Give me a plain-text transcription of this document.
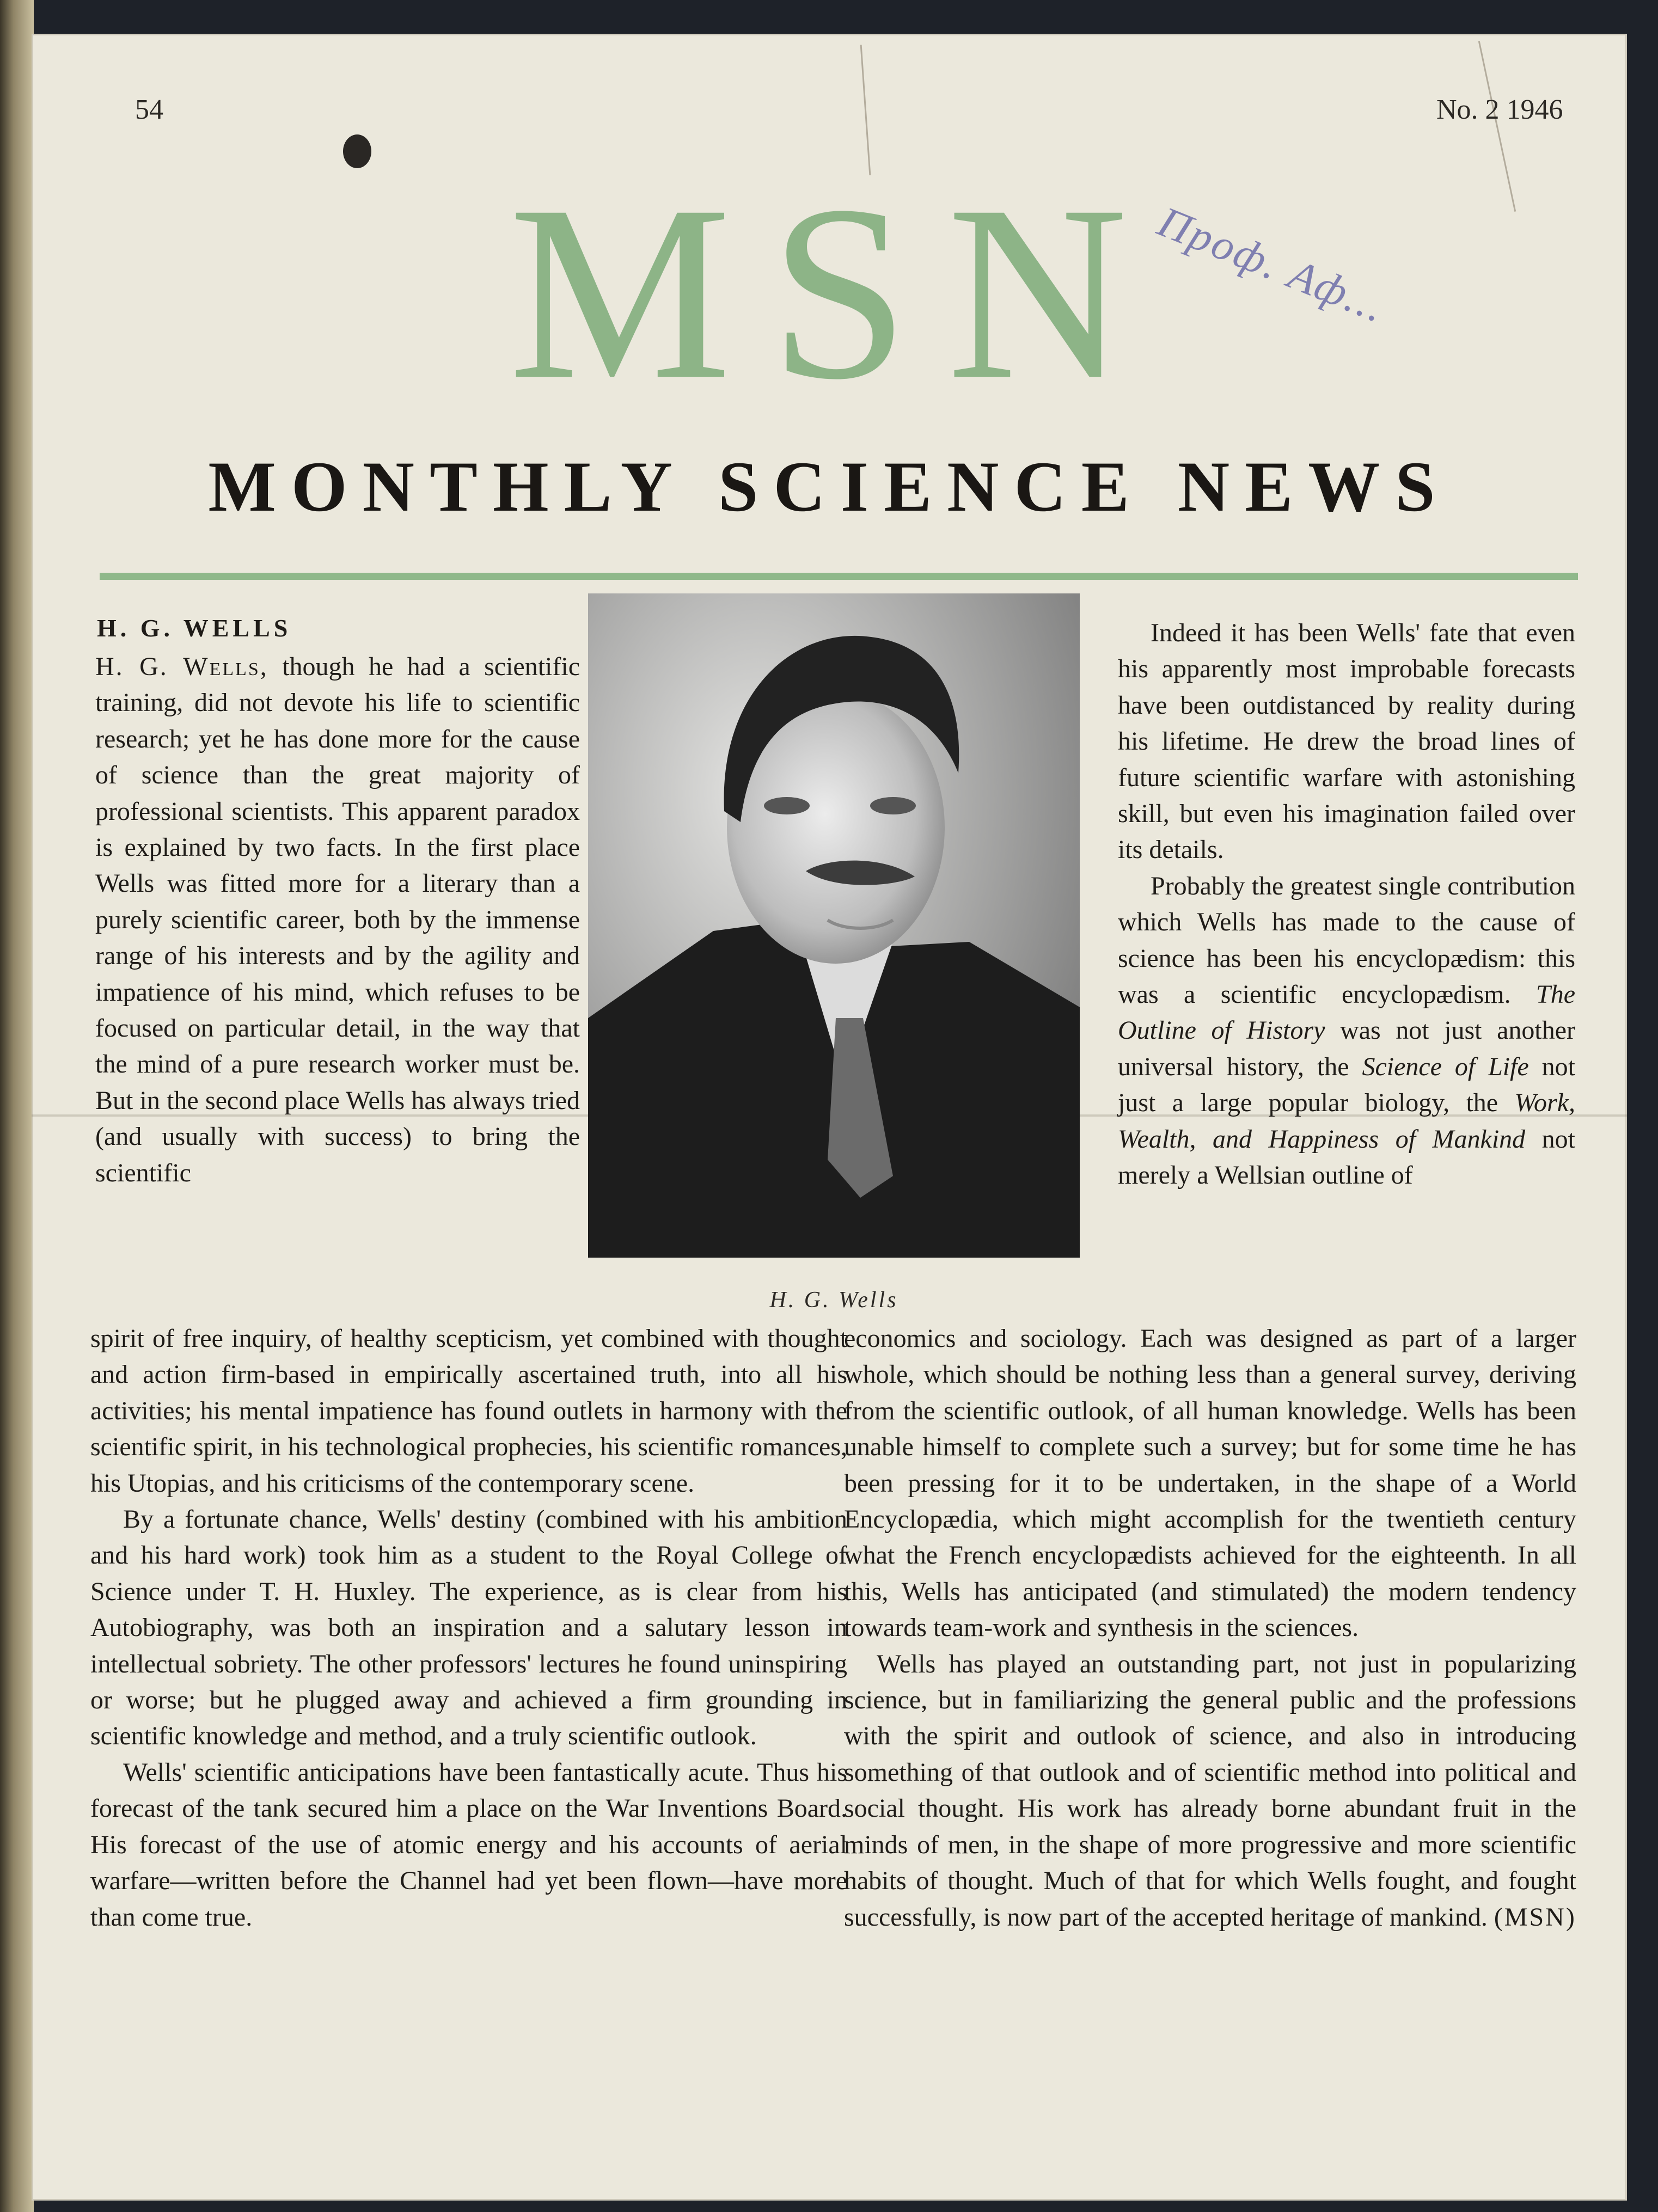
54	No. 2 1946
Проф. Аф...
MSN
MONTHLY SCIENCE NEWS
H. G. WELLS

H. G. Wells, though he had a scientific training, did not devote his life to scientific research; yet he has done more for the cause of science than the great majority of professional scientists. This apparent paradox is explained by two facts. In the first place Wells was fitted more for a literary than a purely scientific career, both by the immense range of his interests and by the agility and impatience of his mind, which refuses to be focused on particular detail, in the way that the mind of a pure research worker must be. But in the second place Wells has always tried (and usually with success) to bring the scientific

H. G. Wells

spirit of free inquiry, of healthy scepticism, yet combined with thought and action firm-based in empirically ascertained truth, into all his activities; his mental impatience has found outlets in harmony with the scientific spirit, in his technological prophecies, his scientific romances, his Utopias, and his criticisms of the contemporary scene.

By a fortunate chance, Wells' destiny (combined with his ambition and his hard work) took him as a student to the Royal College of Science under T. H. Huxley. The experience, as is clear from his Autobiography, was both an inspiration and a salutary lesson in intellectual sobriety. The other professors' lectures he found uninspiring or worse; but he plugged away and achieved a firm grounding in scientific knowledge and method, and a truly scientific outlook.

Wells' scientific anticipations have been fantastically acute. Thus his forecast of the tank secured him a place on the War Inventions Board. His forecast of the use of atomic energy and his accounts of aerial warfare—written before the Channel had yet been flown—have more than come true.

Indeed it has been Wells' fate that even his apparently most improbable forecasts have been outdistanced by reality during his lifetime. He drew the broad lines of future scientific warfare with astonishing skill, but even his imagination failed over its details.

Probably the greatest single contribution which Wells has made to the cause of science has been his encyclopædism: this was a scientific encyclopædism. The Outline of History was not just another universal history, the Science of Life not just a large popular biology, the Work, Wealth, and Happiness of Mankind not merely a Wellsian outline of

economics and sociology. Each was designed as part of a larger whole, which should be nothing less than a general survey, deriving from the scientific outlook, of all human knowledge. Wells has been unable himself to complete such a survey; but for some time he has been pressing for it to be undertaken, in the shape of a World Encyclopædia, which might accomplish for the twentieth century what the French encyclopædists achieved for the eighteenth. In all this, Wells has anticipated (and stimulated) the modern tendency towards team-work and synthesis in the sciences.

Wells has played an outstanding part, not just in popularizing science, but in familiarizing the general public and the professions with the spirit and outlook of science, and also in introducing something of that outlook and of scientific method into political and social thought. His work has already borne abundant fruit in the minds of men, in the shape of more progressive and more scientific habits of thought. Much of that for which Wells fought, and fought successfully, is now part of the accepted heritage of mankind. (MSN)
